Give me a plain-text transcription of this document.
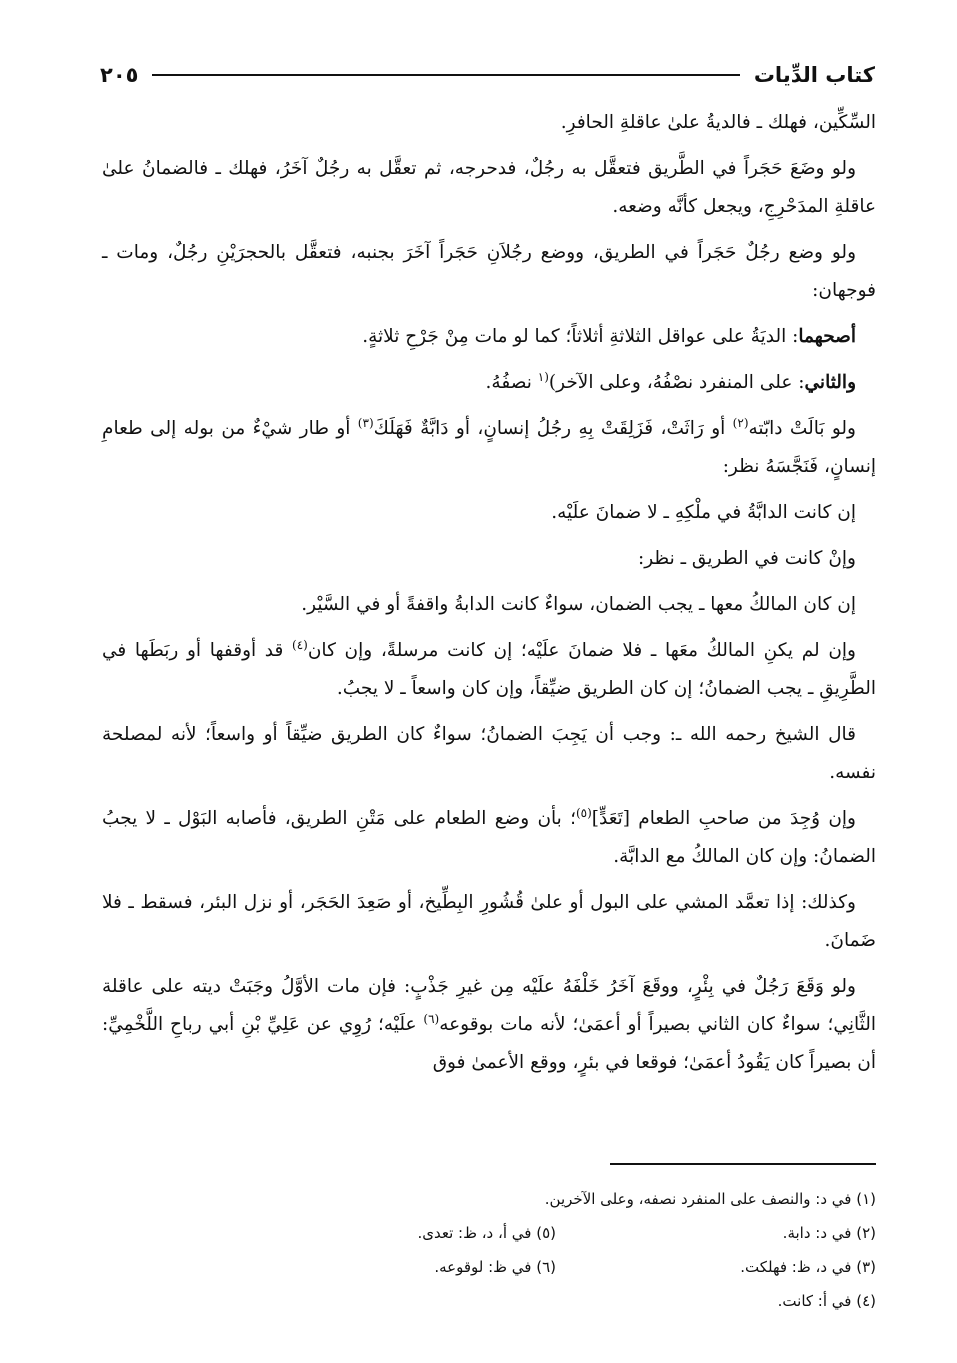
كتاب الدِّيات
٢٠٥

السِّكِّين، فهلك ـ فالديةُ علىٰ عاقلةِ الحافرِ.

ولو وضَعَ حَجَراً في الطَّريق فتعقَّل به رجُلٌ، فدحرجه، ثم تعقَّل به رجُلٌ آخَرُ، فهلك ـ فالضمانُ علىٰ عاقلةِ المدَحْرِجِ، ويجعل كأنَّه وضعه.

ولو وضع رجُلٌ حَجَراً في الطريق، ووضع رجُلاَنِ حَجَراً آخَرَ بجنبه، فتعقَّل بالحجرَيْنِ رجُلٌ، ومات ـ فوجهان:

أصحهما: الديَةُ على عواقل الثلاثةِ أثلاثاً؛ كما لو مات مِنْ جَرْحِ ثلاثةٍ.

والثاني: على المنفرد نصْفُهُ، وعلى الآخر)$^{(١}$ نصفُهُ.

ولو بَالَتْ دابّته$^{(٢)}$ أو رَاثَتْ، فَزَلِقَتْ بِهِ رجُلُ إنسانٍ، أو دَابَّةٌ فَهَلَكَ$^{(٣)}$ أو طار شيْءٌ من بوله إلى طعامِ إنسانٍ، فَنَجَّسَهُ نظر:

إن كانت الدابَّةُ في ملْكِهِ ـ لا ضمانَ علَيْه.

وإنْ كانت في الطريق ـ نظر:

إن كان المالكُ معها ـ يجب الضمان، سواءٌ كانت الدابةُ واقفةً أو في السَّيْر.

وإن لم يكنِ المالكُ معَها ـ فلا ضمانَ علَيْه؛ إن كانت مرسلةً، وإن كان$^{(٤)}$ قد أوقفها أو ربَطَها في الطَّرِيقِ ـ يجب الضمانُ؛ إن كان الطريق ضيِّقاً، وإن كان واسعاً ـ لا يجبُ.

قال الشيخ رحمه الله ـ: وجب أن يَجِبَ الضمانُ؛ سواءٌ كان الطريق ضيِّقاً أو واسعاً؛ لأنه لمصلحة نفسه.

وإن وُجِدَ من صاحبِ الطعام [تَعَدٍّ]$^{(٥)}$؛ بأن وضع الطعام على مَتْنِ الطريق، فأصابه البَوْل ـ لا يجبُ الضمانُ: وإن كان المالكُ مع الدابَّة.

وكذلك: إذا تعمَّد المشي على البول أو علىٰ قُشُورِ البِطِّيخ، أو صَعِدَ الحَجَر، أو نزل البئر، فسقط ـ فلا ضَمانَ.

ولو وَقَعَ رَجُلٌ في بِئْرٍ، ووقَعَ آخَرُ خَلْفَهُ علَيْه مِن غيرِ جَذْبٍ: فإن مات الأوَّلُ وجَبَتْ ديته على عاقلة الثَّانِي؛ سواءٌ كان الثاني بصيراً أو أعمَىٰ؛ لأنه مات بوقوعه$^{(٦)}$ علَيْه؛ رُوِي عن عَلِيِّ بْنِ أبي رباحِ اللَّخْمِيِّ: أن بصيراً كان يَقُودُ أعمَىٰ؛ فوقعا في بئرٍ، ووقع الأعمىٰ فوق

(١) في د: والنصف على المنفرد نصفه، وعلى الآخرين.
(٢) في د: دابة.
(٥) في أ، د، ظ: تعدى.
(٣) في د، ظ: فهلكت.
(٦) في ظ: لوقوعه.
(٤) في أ: كانت.
